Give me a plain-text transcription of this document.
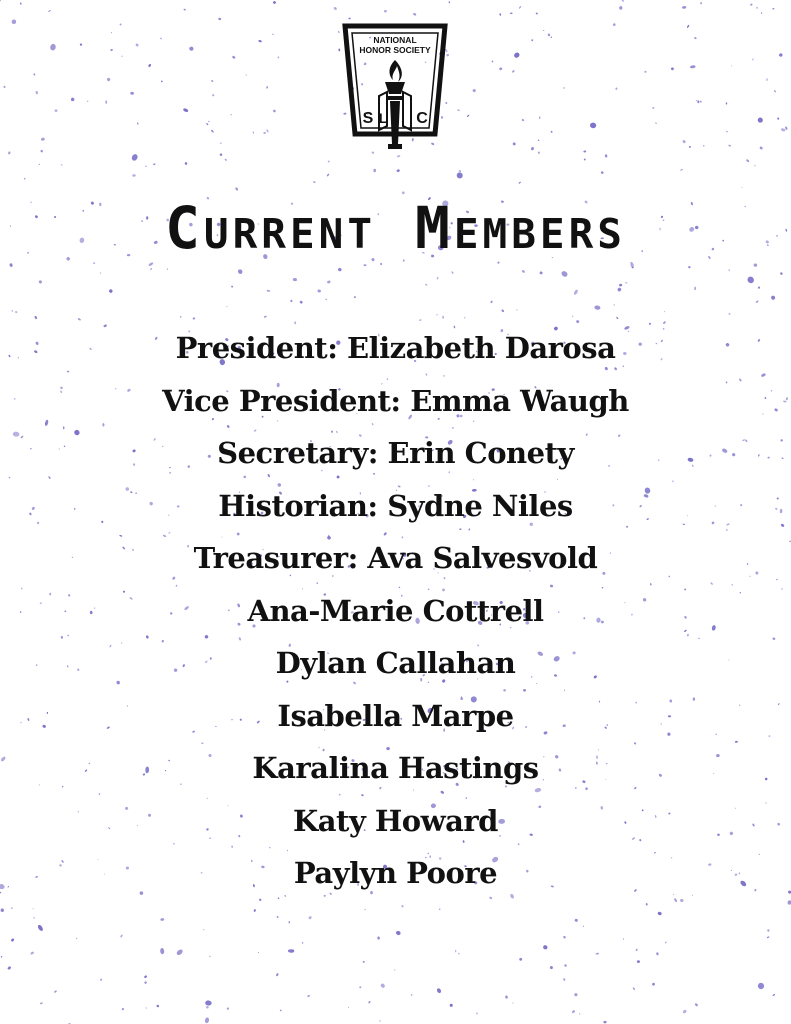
NATIONAL
HONOR SOCIETY
S L C
Current Members
President: Elizabeth Darosa
Vice President: Emma Waugh
Secretary: Erin Conety
Historian: Sydne Niles
Treasurer: Ava Salvesvold
Ana-Marie Cottrell
Dylan Callahan
Isabella Marpe
Karalina Hastings
Katy Howard
Paylyn Poore
